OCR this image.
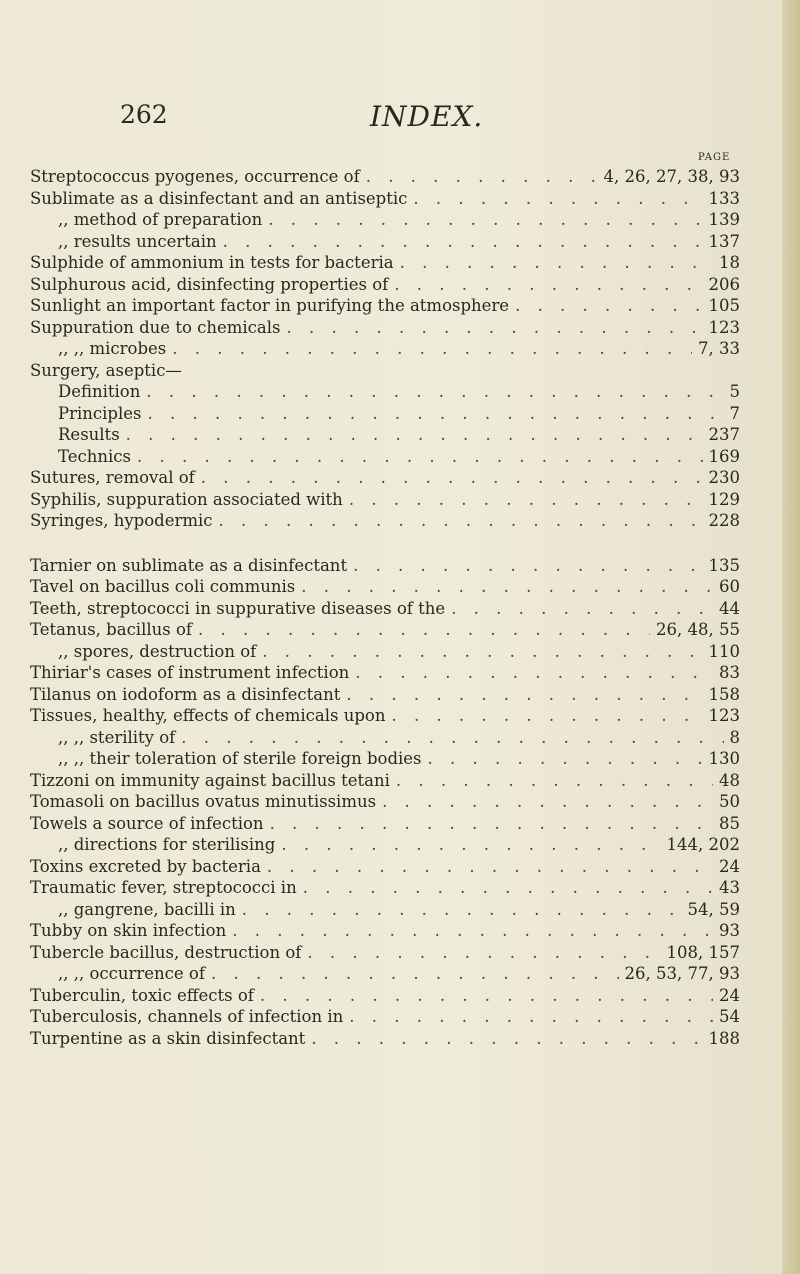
262	INDEX.
PAGE
Streptococcus pyogenes, occurrence of . . .	4, 26, 27, 38, 93
Sublimate as a disinfectant and an antiseptic . . .	133
,, method of preparation . . .	139
,, results uncertain . . .	137
Sulphide of ammonium in tests for bacteria . . .	18
Sulphurous acid, disinfecting properties of . . .	206
Sunlight an important factor in purifying the atmosphere . . .	105
Suppuration due to chemicals . . .	123
,, ,, microbes . . .	7, 33
Surgery, aseptic—
Definition . . .	5
Principles . . .	7
Results . . .	237
Technics . . .	169
Sutures, removal of . . .	230
Syphilis, suppuration associated with . . .	129
Syringes, hypodermic . . .	228
Tarnier on sublimate as a disinfectant . . .	135
Tavel on bacillus coli communis . . .	60
Teeth, streptococci in suppurative diseases of the . . .	44
Tetanus, bacillus of . . .	26, 48, 55
,, spores, destruction of . . .	110
Thiriar's cases of instrument infection . . .	83
Tilanus on iodoform as a disinfectant . . .	158
Tissues, healthy, effects of chemicals upon . . .	123
,, ,, sterility of . . .	8
,, ,, their toleration of sterile foreign bodies . . .	130
Tizzoni on immunity against bacillus tetani . . .	48
Tomasoli on bacillus ovatus minutissimus . . .	50
Towels a source of infection . . .	85
,, directions for sterilising . . .	144, 202
Toxins excreted by bacteria . . .	24
Traumatic fever, streptococci in . . .	43
,, gangrene, bacilli in . . .	54, 59
Tubby on skin infection . . .	93
Tubercle bacillus, destruction of . . .	108, 157
,, ,, occurrence of . . .	26, 53, 77, 93
Tuberculin, toxic effects of . . .	24
Tuberculosis, channels of infection in . . .	54
Turpentine as a skin disinfectant . . .	188
